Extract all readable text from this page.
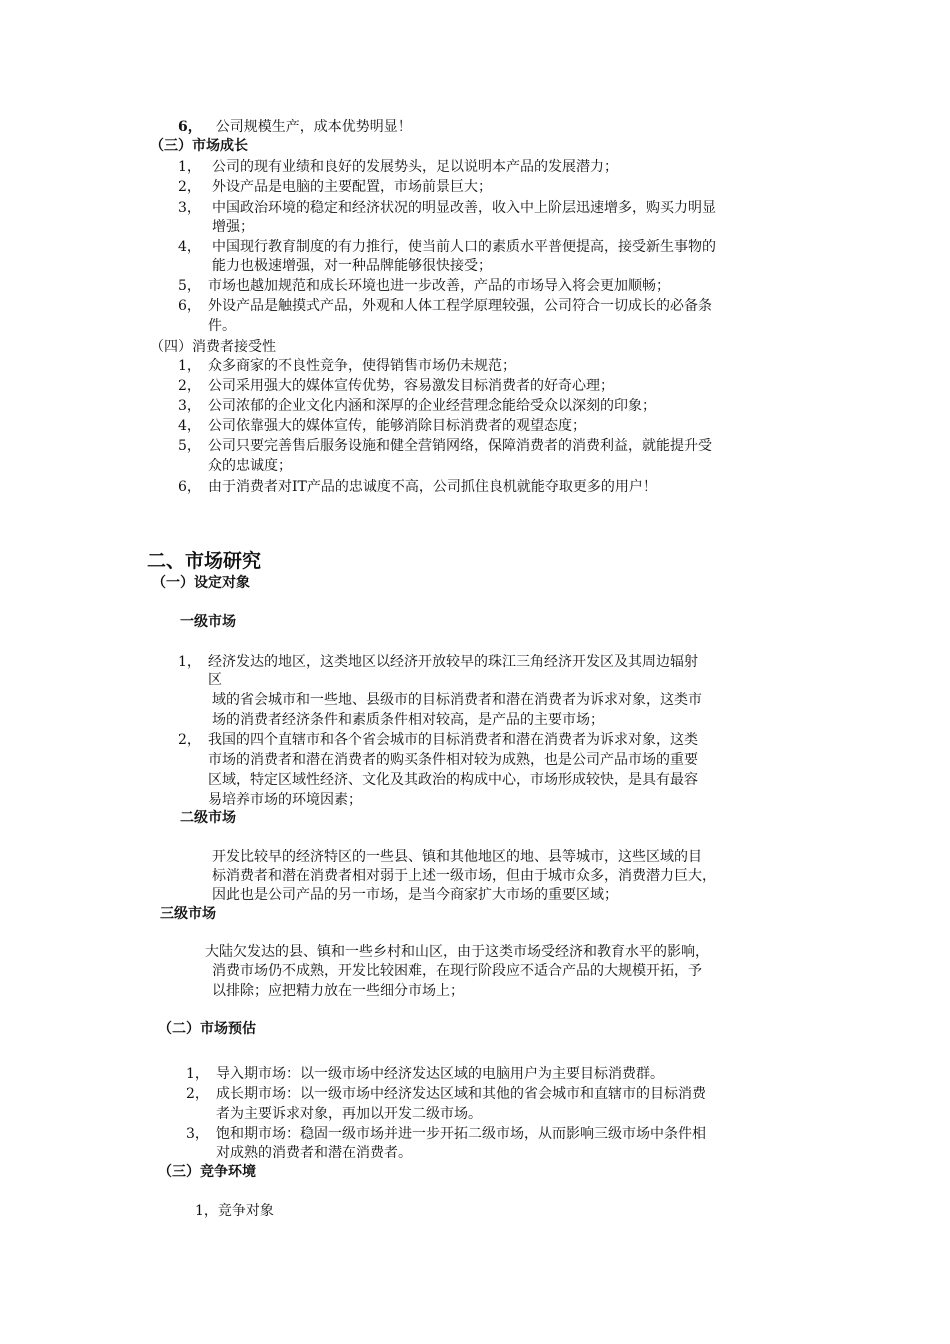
6， 公司规模生产，成本优势明显！
（三）市场成长
1， 公司的现有业绩和良好的发展势头，足以说明本产品的发展潜力；
2， 外设产品是电脑的主要配置，市场前景巨大；
3， 中国政治环境的稳定和经济状况的明显改善，收入中上阶层迅速增多，购买力明显
增强；
4， 中国现行教育制度的有力推行，使当前人口的素质水平普便提高，接受新生事物的
能力也极速增强，对一种品牌能够很快接受；
5， 市场也越加规范和成长环境也进一步改善，产品的市场导入将会更加顺畅；
6， 外设产品是触摸式产品，外观和人体工程学原理较强，公司符合一切成长的必备条
件。
（四）消费者接受性
1， 众多商家的不良性竞争，使得销售市场仍未规范；
2， 公司采用强大的媒体宣传优势，容易激发目标消费者的好奇心理；
3， 公司浓郁的企业文化内涵和深厚的企业经营理念能给受众以深刻的印象；
4， 公司依靠强大的媒体宣传，能够消除目标消费者的观望态度；
5， 公司只要完善售后服务设施和健全营销网络，保障消费者的消费利益，就能提升受
众的忠诚度；
6， 由于消费者对IT产品的忠诚度不高，公司抓住良机就能夺取更多的用户！
二、市场研究
（一）设定对象
一级市场
1， 经济发达的地区，这类地区以经济开放较早的珠江三角经济开发区及其周边辐射
区
域的省会城市和一些地、县级市的目标消费者和潜在消费者为诉求对象，这类市
场的消费者经济条件和素质条件相对较高，是产品的主要市场；
2， 我国的四个直辖市和各个省会城市的目标消费者和潜在消费者为诉求对象，这类
市场的消费者和潜在消费者的购买条件相对较为成熟，也是公司产品市场的重要
区域，特定区域性经济、文化及其政治的构成中心，市场形成较快，是具有最容
易培养市场的环境因素；
二级市场
开发比较早的经济特区的一些县、镇和其他地区的地、县等城市，这些区域的目
标消费者和潜在消费者相对弱于上述一级市场，但由于城市众多，消费潜力巨大，
因此也是公司产品的另一市场，是当今商家扩大市场的重要区域；
三级市场
大陆欠发达的县、镇和一些乡村和山区，由于这类市场受经济和教育水平的影响，
消费市场仍不成熟，开发比较困难，在现行阶段应不适合产品的大规模开拓，予
以排除；应把精力放在一些细分市场上；
（二）市场预估
1， 导入期市场：以一级市场中经济发达区域的电脑用户为主要目标消费群。
2， 成长期市场：以一级市场中经济发达区域和其他的省会城市和直辖市的目标消费
者为主要诉求对象，再加以开发二级市场。
3， 饱和期市场：稳固一级市场并进一步开拓二级市场，从而影响三级市场中条件相
对成熟的消费者和潜在消费者。
（三）竞争环境
1，竞争对象
